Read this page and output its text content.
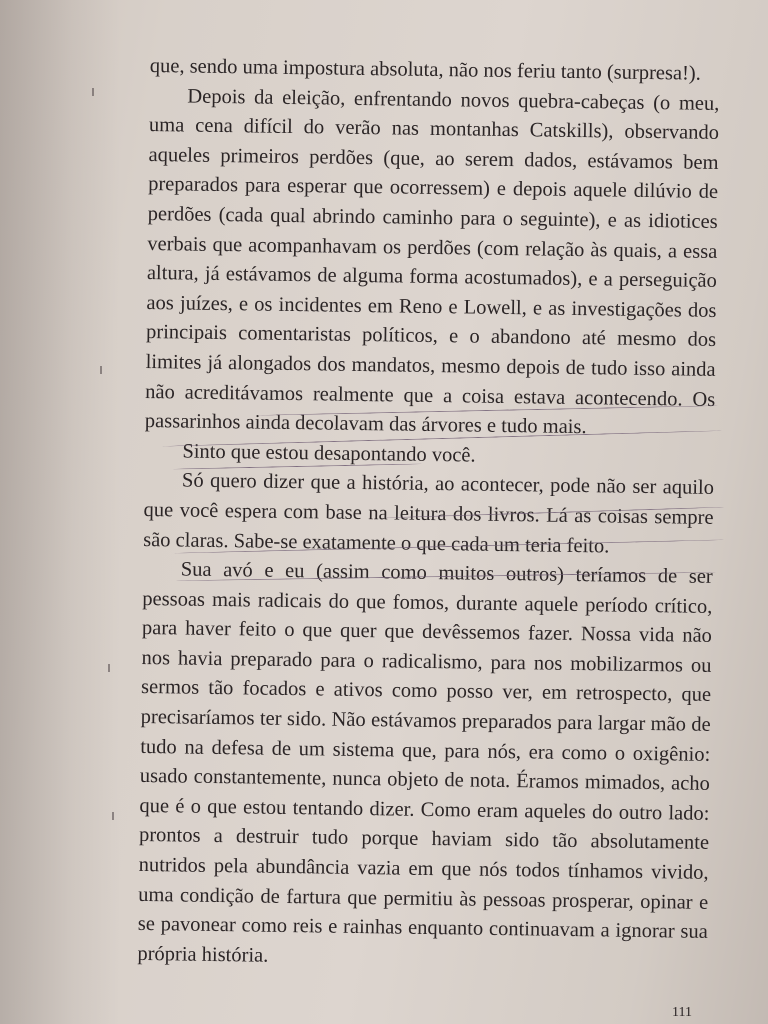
que, sendo uma impostura absoluta, não nos feriu tanto (surpresa!).

Depois da eleição, enfrentando novos quebra-cabeças (o meu, uma cena difícil do verão nas montanhas Catskills), observando aqueles primeiros perdões (que, ao serem dados, estávamos bem preparados para esperar que ocorressem) e depois aquele dilúvio de perdões (cada qual abrindo caminho para o seguinte), e as idiotices verbais que acompanhavam os perdões (com relação às quais, a essa altura, já estávamos de alguma forma acostumados), e a perseguição aos juízes, e os incidentes em Reno e Lowell, e as investigações dos principais comentaristas políticos, e o abandono até mesmo dos limites já alongados dos mandatos, mesmo depois de tudo isso ainda não acreditávamos realmente que a coisa estava acontecendo. Os passarinhos ainda decolavam das árvores e tudo mais.

Sinto que estou desapontando você.

Só quero dizer que a história, ao acontecer, pode não ser aquilo que você espera com base na leitura dos livros. Lá as coisas sempre são claras. Sabe-se exatamente o que cada um teria feito.

Sua avó e eu (assim como muitos outros) teríamos de ser pessoas mais radicais do que fomos, durante aquele período crítico, para haver feito o que quer que devêssemos fazer. Nossa vida não nos havia preparado para o radicalismo, para nos mobilizarmos ou sermos tão focados e ativos como posso ver, em retrospecto, que precisaríamos ter sido. Não estávamos preparados para largar mão de tudo na defesa de um sistema que, para nós, era como o oxigênio: usado constantemente, nunca objeto de nota. Éramos mimados, acho que é o que estou tentando dizer. Como eram aqueles do outro lado: prontos a destruir tudo porque haviam sido tão absolutamente nutridos pela abundância vazia em que nós todos tínhamos vivido, uma condição de fartura que permitiu às pessoas prosperar, opinar e se pavonear como reis e rainhas enquanto continuavam a ignorar sua própria história.

111
